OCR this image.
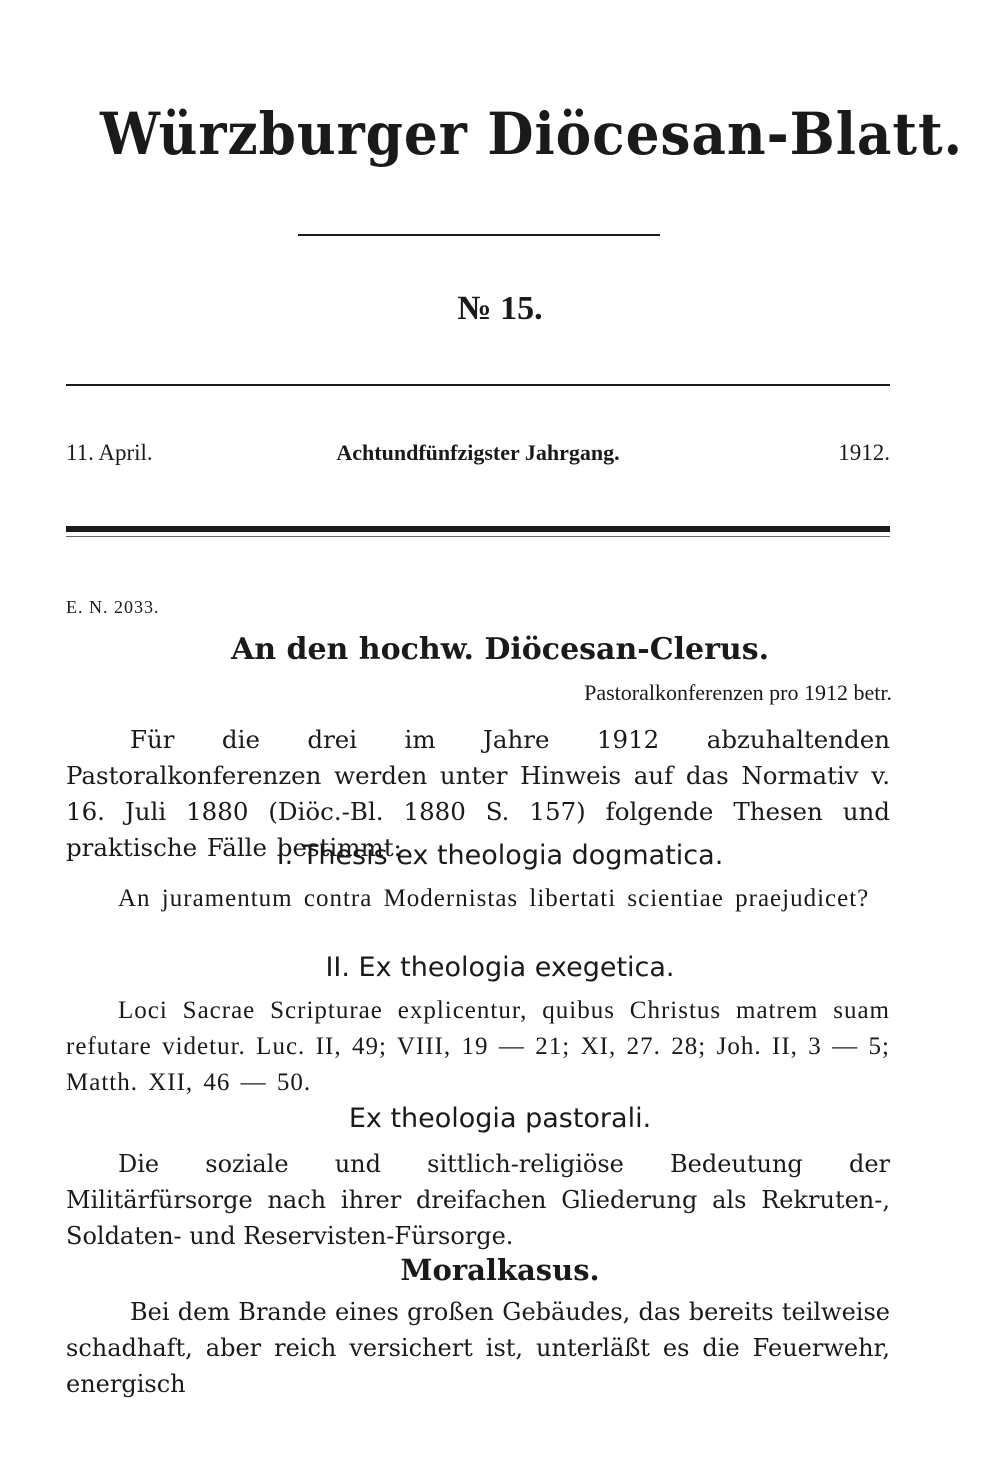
Würzburger Diöcesan-Blatt.
№ 15.
11. April.	Achtundfünfzigster Jahrgang.	1912.
E. N. 2033.
An den hochw. Diöcesan-Clerus.
Pastoralkonferenzen pro 1912 betr.
Für die drei im Jahre 1912 abzuhaltenden Pastoralkonferenzen werden unter Hinweis auf das Normativ v. 16. Juli 1880 (Diöc.-Bl. 1880 S. 157) folgende Thesen und praktische Fälle bestimmt:
I. Thesis ex theologia dogmatica.
An juramentum contra Modernistas libertati scientiae praejudicet?
II. Ex theologia exegetica.
Loci Sacrae Scripturae explicentur, quibus Christus matrem suam refutare videtur. Luc. II, 49; VIII, 19 — 21; XI, 27. 28; Joh. II, 3 — 5; Matth. XII, 46 — 50.
Ex theologia pastorali.
Die soziale und sittlich-religiöse Bedeutung der Militärfürsorge nach ihrer dreifachen Gliederung als Rekruten-, Soldaten- und Reservisten-Fürsorge.
Moralkasus.
Bei dem Brande eines großen Gebäudes, das bereits teilweise schadhaft, aber reich versichert ist, unterläßt es die Feuerwehr, energisch
